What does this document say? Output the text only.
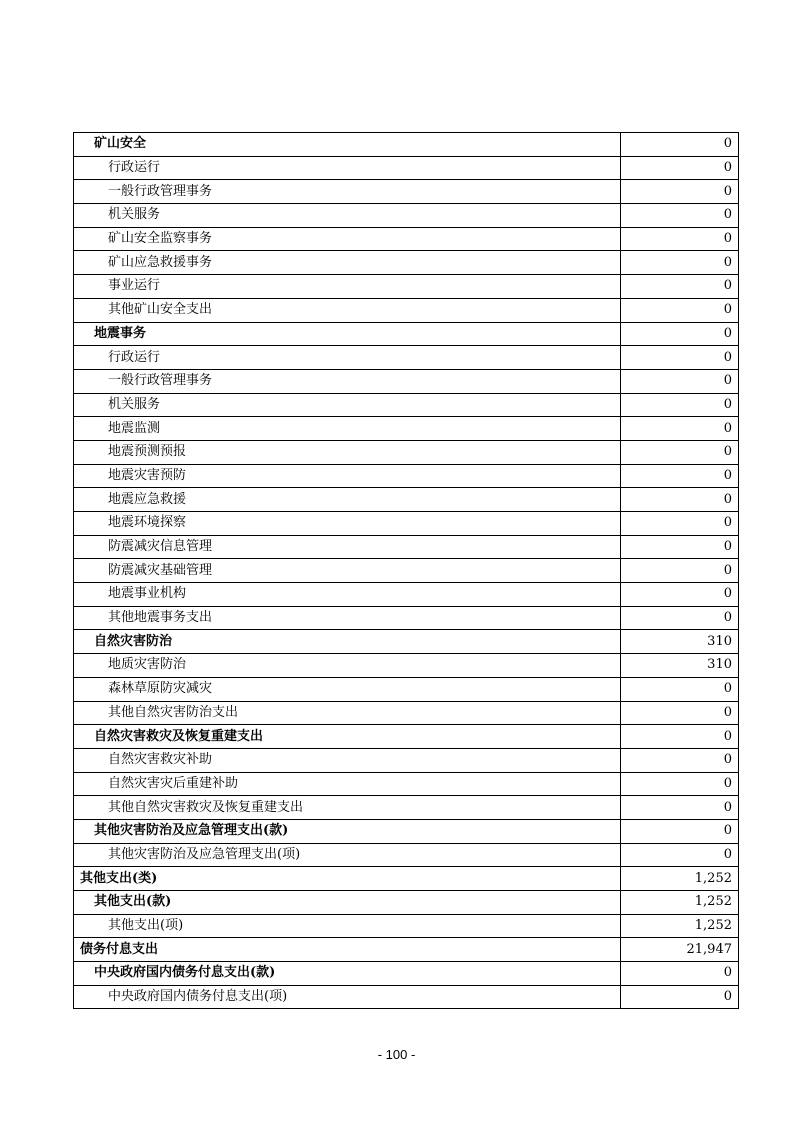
矿山安全	0
行政运行	0
一般行政管理事务	0
机关服务	0
矿山安全监察事务	0
矿山应急救援事务	0
事业运行	0
其他矿山安全支出	0
地震事务	0
行政运行	0
一般行政管理事务	0
机关服务	0
地震监测	0
地震预测预报	0
地震灾害预防	0
地震应急救援	0
地震环境探察	0
防震减灾信息管理	0
防震减灾基础管理	0
地震事业机构	0
其他地震事务支出	0
自然灾害防治	310
地质灾害防治	310
森林草原防灾减灾	0
其他自然灾害防治支出	0
自然灾害救灾及恢复重建支出	0
自然灾害救灾补助	0
自然灾害灾后重建补助	0
其他自然灾害救灾及恢复重建支出	0
其他灾害防治及应急管理支出(款)	0
其他灾害防治及应急管理支出(项)	0
其他支出(类)	1,252
其他支出(款)	1,252
其他支出(项)	1,252
债务付息支出	21,947
中央政府国内债务付息支出(款)	0
中央政府国内债务付息支出(项)	0
- 100 -
